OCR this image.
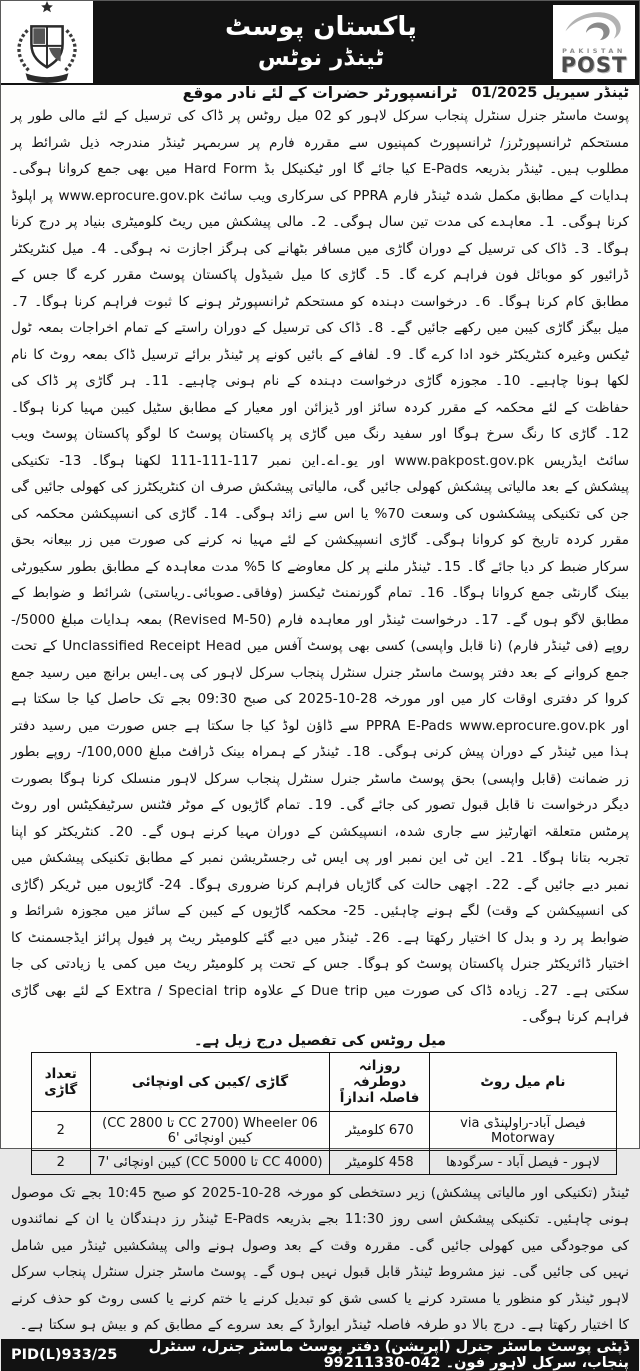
پاکستان پوسٹ
ٹینڈر نوٹس	PAKISTAN
POST
ٹینڈر سیریل 01/2025
ٹرانسپورٹر حضرات کے لئے نادر موقع
پوسٹ ماسٹر جنرل سنٹرل پنجاب سرکل لاہور کو 02 میل روٹس پر ڈاک کی ترسیل کے لئے مالی طور پر مستحکم ٹرانسپورٹرز/ ٹرانسپورٹ کمپنیوں سے مقررہ فارم پر سربمہر ٹینڈر مندرجہ ذیل شرائط پر مطلوب ہیں۔ ٹینڈر بذریعہ E-Pads کیا جائے گا اور ٹیکنیکل بڈ Hard Form میں بھی جمع کروانا ہوگی۔ ہدایات کے مطابق مکمل شدہ ٹینڈر فارم PPRA کی سرکاری ویب سائٹ www.eprocure.gov.pk پر اپلوڈ کرنا ہوگی۔ 1۔ معاہدے کی مدت تین سال ہوگی۔ 2۔ مالی پیشکش میں ریٹ کلومیٹری بنیاد پر درج کرنا ہوگا۔ 3۔ ڈاک کی ترسیل کے دوران گاڑی میں مسافر بٹھانے کی ہرگز اجازت نہ ہوگی۔ 4۔ میل کنٹریکٹر ڈرائیور کو موبائل فون فراہم کرے گا۔ 5۔ گاڑی کا میل شیڈول پاکستان پوسٹ مقرر کرے گا جس کے مطابق کام کرنا ہوگا۔ 6۔ درخواست دہندہ کو مستحکم ٹرانسپورٹر ہونے کا ثبوت فراہم کرنا ہوگا۔ 7۔ میل بیگز گاڑی کیبن میں رکھے جائیں گے۔ 8۔ ڈاک کی ترسیل کے دوران راستے کے تمام اخراجات بمعہ ٹول ٹیکس وغیرہ کنٹریکٹر خود ادا کرے گا۔ 9۔ لفافے کے بائیں کونے پر ٹینڈر برائے ترسیل ڈاک بمعہ روٹ کا نام لکھا ہونا چاہیے۔ 10۔ مجوزہ گاڑی درخواست دہندہ کے نام ہونی چاہیے۔ 11۔ ہر گاڑی پر ڈاک کی حفاظت کے لئے محکمہ کے مقرر کردہ سائز اور ڈیزائن اور معیار کے مطابق سٹیل کیبن مہیا کرنا ہوگا۔ 12۔ گاڑی کا رنگ سرخ ہوگا اور سفید رنگ میں گاڑی پر پاکستان پوسٹ کا لوگو پاکستان پوسٹ ویب سائٹ ایڈریس www.pakpost.gov.pk اور یو۔اے۔این نمبر 117-111-111 لکھنا ہوگا۔ 13- تکنیکی پیشکش کے بعد مالیاتی پیشکش کھولی جائیں گی، مالیاتی پیشکش صرف ان کنٹریکٹرز کی کھولی جائیں گی جن کی تکنیکی پیشکشوں کی وسعت 70% یا اس سے زائد ہوگی۔ 14۔ گاڑی کی انسپیکشن محکمہ کی مقرر کردہ تاریخ کو کروانا ہوگی۔ گاڑی انسپیکشن کے لئے مہیا نہ کرنے کی صورت میں زر بیعانہ بحق سرکار ضبط کر دیا جائے گا۔ 15۔ ٹینڈر ملنے پر کل معاوضے کا 5% مدت معاہدہ کے مطابق بطور سکیورٹی بینک گارنٹی جمع کروانا ہوگا۔ 16۔ تمام گورنمنٹ ٹیکسز (وفاقی۔صوبائی۔ریاستی) شرائط و ضوابط کے مطابق لاگو ہوں گے۔ 17۔ درخواست ٹینڈر اور معاہدہ فارم (Revised M-50) بمعہ ہدایات مبلغ 5000/- روپے (فی ٹینڈر فارم) (نا قابل واپسی) کسی بھی پوسٹ آفس میں Unclassified Receipt Head کے تحت جمع کروانے کے بعد دفتر پوسٹ ماسٹر جنرل سنٹرل پنجاب سرکل لاہور کی پی۔ایس برانچ میں رسید جمع کروا کر دفتری اوقات کار میں اور مورخہ 28-10-2025 کی صبح 09:30 بجے تک حاصل کیا جا سکتا ہے اور PPRA E-Pads www.eprocure.gov.pk سے ڈاؤن لوڈ کیا جا سکتا ہے جس صورت میں رسید دفتر ہذا میں ٹینڈر کے دوران پیش کرنی ہوگی۔ 18۔ ٹینڈر کے ہمراہ بینک ڈرافٹ مبلغ 100,000/- روپے بطور زر ضمانت (قابل واپسی) بحق پوسٹ ماسٹر جنرل سنٹرل پنجاب سرکل لاہور منسلک کرنا ہوگا بصورت دیگر درخواست نا قابل قبول تصور کی جائے گی۔ 19۔ تمام گاڑیوں کے موٹر فٹنس سرٹیفکیٹس اور روٹ پرمٹس متعلقہ اتھارٹیز سے جاری شدہ، انسپیکشن کے دوران مہیا کرنے ہوں گے۔ 20۔ کنٹریکٹر کو اپنا تجربہ بتانا ہوگا۔ 21۔ این ٹی این نمبر اور پی ایس ٹی رجسٹریشن نمبر کے مطابق تکنیکی پیشکش میں نمبر دیے جائیں گے۔ 22۔ اچھی حالت کی گاڑیاں فراہم کرنا ضروری ہوگا۔ 24- گاڑیوں میں ٹریکر (گاڑی کی انسپیکشن کے وقت) لگے ہونے چاہئیں۔ 25- محکمہ گاڑیوں کے کیبن کے سائز میں مجوزہ شرائط و ضوابط پر رد و بدل کا اختیار رکھتا ہے۔ 26۔ ٹینڈر میں دیے گئے کلومیٹر ریٹ پر فیول پرائز ایڈجسمنٹ کا اختیار ڈائریکٹر جنرل پاکستان پوسٹ کو ہوگا۔ جس کے تحت پر کلومیٹر ریٹ میں کمی یا زیادتی کی جا سکتی ہے۔ 27۔ زیادہ ڈاک کی صورت میں Due trip کے علاوہ Extra / Special trip کے لئے بھی گاڑی فراہم کرنا ہوگی۔
میل روٹس کی تفصیل درج زیل ہے۔
نام میل روٹ	روزانہ دوطرفہ فاصلہ اندازاً	گاڑی /کیبن کی اونچائی	تعداد گاڑی
فیصل آباد-راولپنڈی via Motorway	670 کلومیٹر	06 Wheeler ‏(2700 CC تا 2800 CC) کیبن اونچائی '6	2
لاہور - فیصل آباد - سرگودھا	458 کلومیٹر	‏(4000 CC تا 5000 CC) کیبن اونچائی '7	2
ٹینڈر (تکنیکی اور مالیاتی پیشکش) زیر دستخطی کو مورخہ 28-10-2025 کو صبح 10:45 بجے تک موصول ہونی چاہئیں۔ تکنیکی پیشکش اسی روز 11:30 بجے بذریعہ E-Pads ٹینڈر رز دہندگان یا ان کے نمائندوں کی موجودگی میں کھولی جائیں گی۔ مقررہ وقت کے بعد وصول ہونے والی پیشکشیں ٹینڈر میں شامل نہیں کی جائیں گی۔ نیز مشروط ٹینڈر قابل قبول نہیں ہوں گے۔ پوسٹ ماسٹر جنرل سنٹرل پنجاب سرکل لاہور ٹینڈر کو منظور یا مسترد کرنے یا کسی شق کو تبدیل کرنے یا ختم کرنے یا کسی روٹ کو حذف کرنے کا اختیار رکھتا ہے۔ درج بالا دو طرفہ فاصلہ ٹینڈر ایوارڈ کے بعد سروے کے مطابق کم و بیش ہو سکتا ہے۔
ڈپٹی پوسٹ ماسٹر جنرل (آپریشن) دفتر پوسٹ ماسٹر جنرل، سنٹرل پنجاب، سرکل لاہور فون۔ 042-99211330
PID(L)933/25
